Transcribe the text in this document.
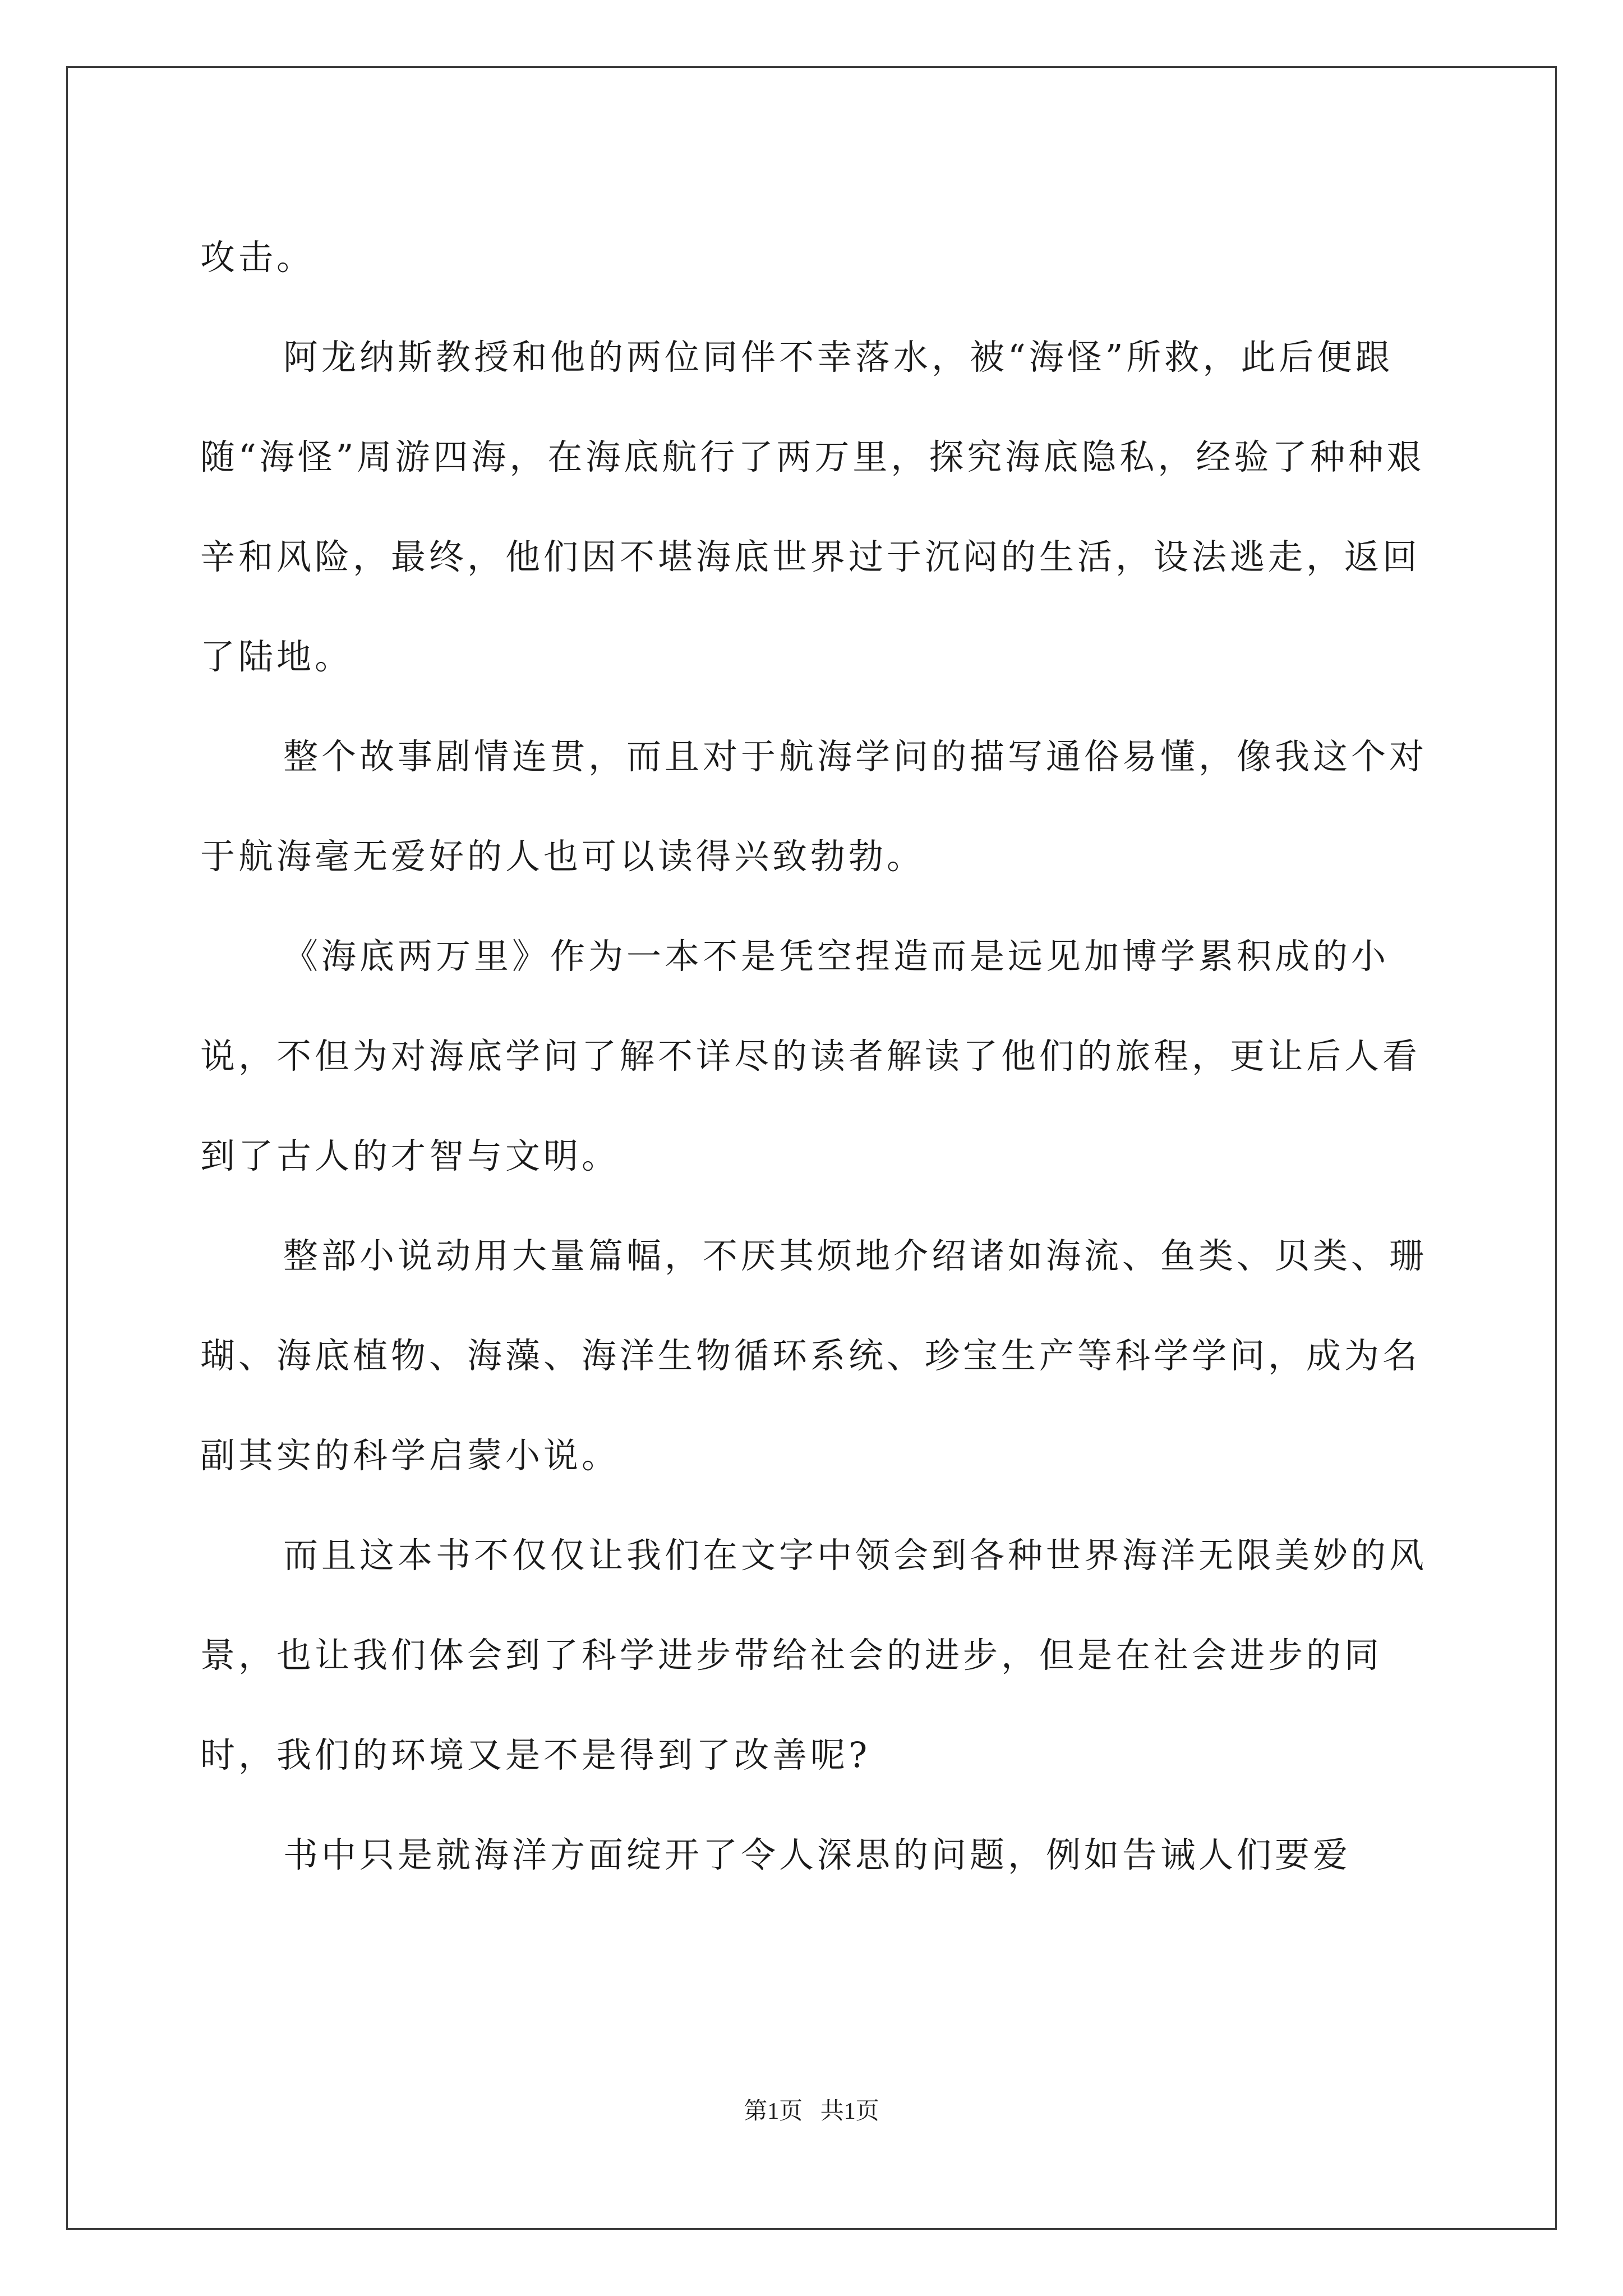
攻击。

阿龙纳斯教授和他的两位同伴不幸落水，被“海怪”所救，此后便跟随“海怪”周游四海，在海底航行了两万里，探究海底隐私，经验了种种艰辛和风险，最终，他们因不堪海底世界过于沉闷的生活，设法逃走，返回了陆地。

整个故事剧情连贯，而且对于航海学问的描写通俗易懂，像我这个对于航海毫无爱好的人也可以读得兴致勃勃。

《海底两万里》作为一本不是凭空捏造而是远见加博学累积成的小说，不但为对海底学问了解不详尽的读者解读了他们的旅程，更让后人看到了古人的才智与文明。

整部小说动用大量篇幅，不厌其烦地介绍诸如海流、鱼类、贝类、珊瑚、海底植物、海藻、海洋生物循环系统、珍宝生产等科学学问，成为名副其实的科学启蒙小说。

而且这本书不仅仅让我们在文字中领会到各种世界海洋无限美妙的风景，也让我们体会到了科学进步带给社会的进步，但是在社会进步的同时，我们的环境又是不是得到了改善呢?

书中只是就海洋方面绽开了令人深思的问题，例如告诫人们要爱

第1页 共1页
